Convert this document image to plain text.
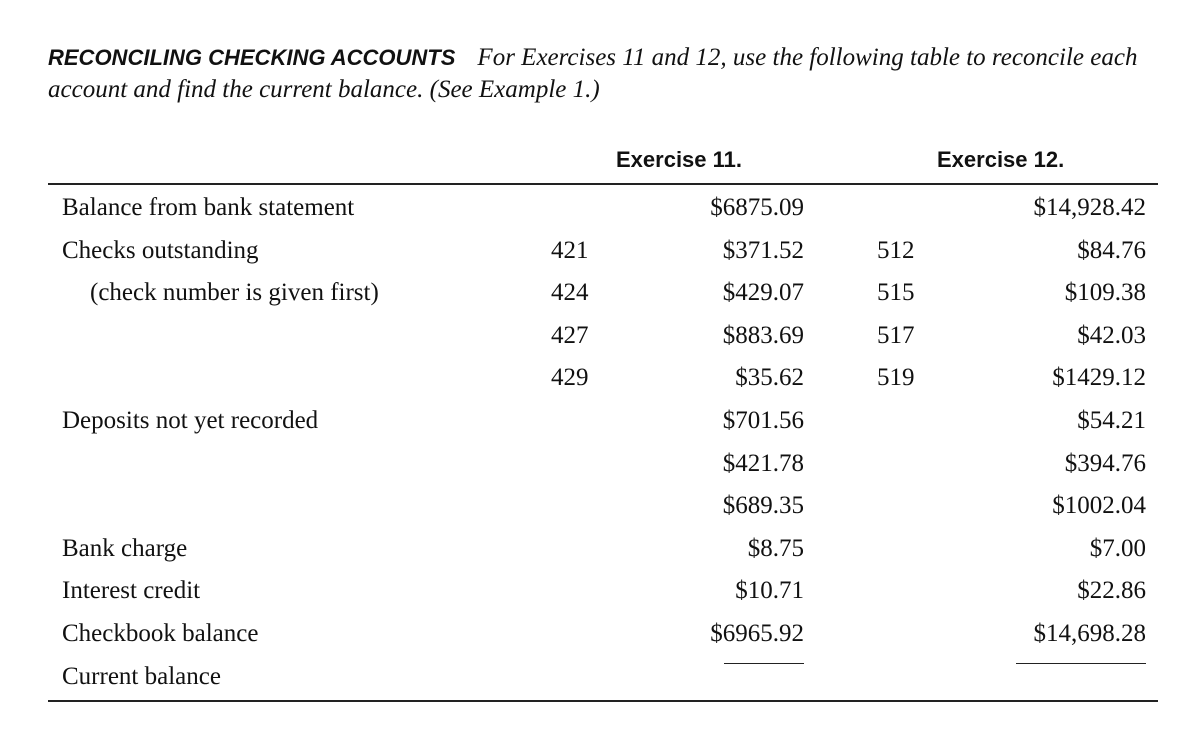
RECONCILING CHECKING ACCOUNTS For Exercises 11 and 12, use the following table to reconcile each account and find the current balance. (See Example 1.)
Exercise 11.	Exercise 12.
Balance from bank statement	$6875.09	$14,928.42
Checks outstanding	421	$371.52	512	$84.76
(check number is given first)	424	$429.07	515	$109.38
427	$883.69	517	$42.03
429	$35.62	519	$1429.12
Deposits not yet recorded	$701.56	$54.21
$421.78	$394.76
$689.35	$1002.04
Bank charge	$8.75	$7.00
Interest credit	$10.71	$22.86
Checkbook balance	$6965.92	$14,698.28
Current balance
